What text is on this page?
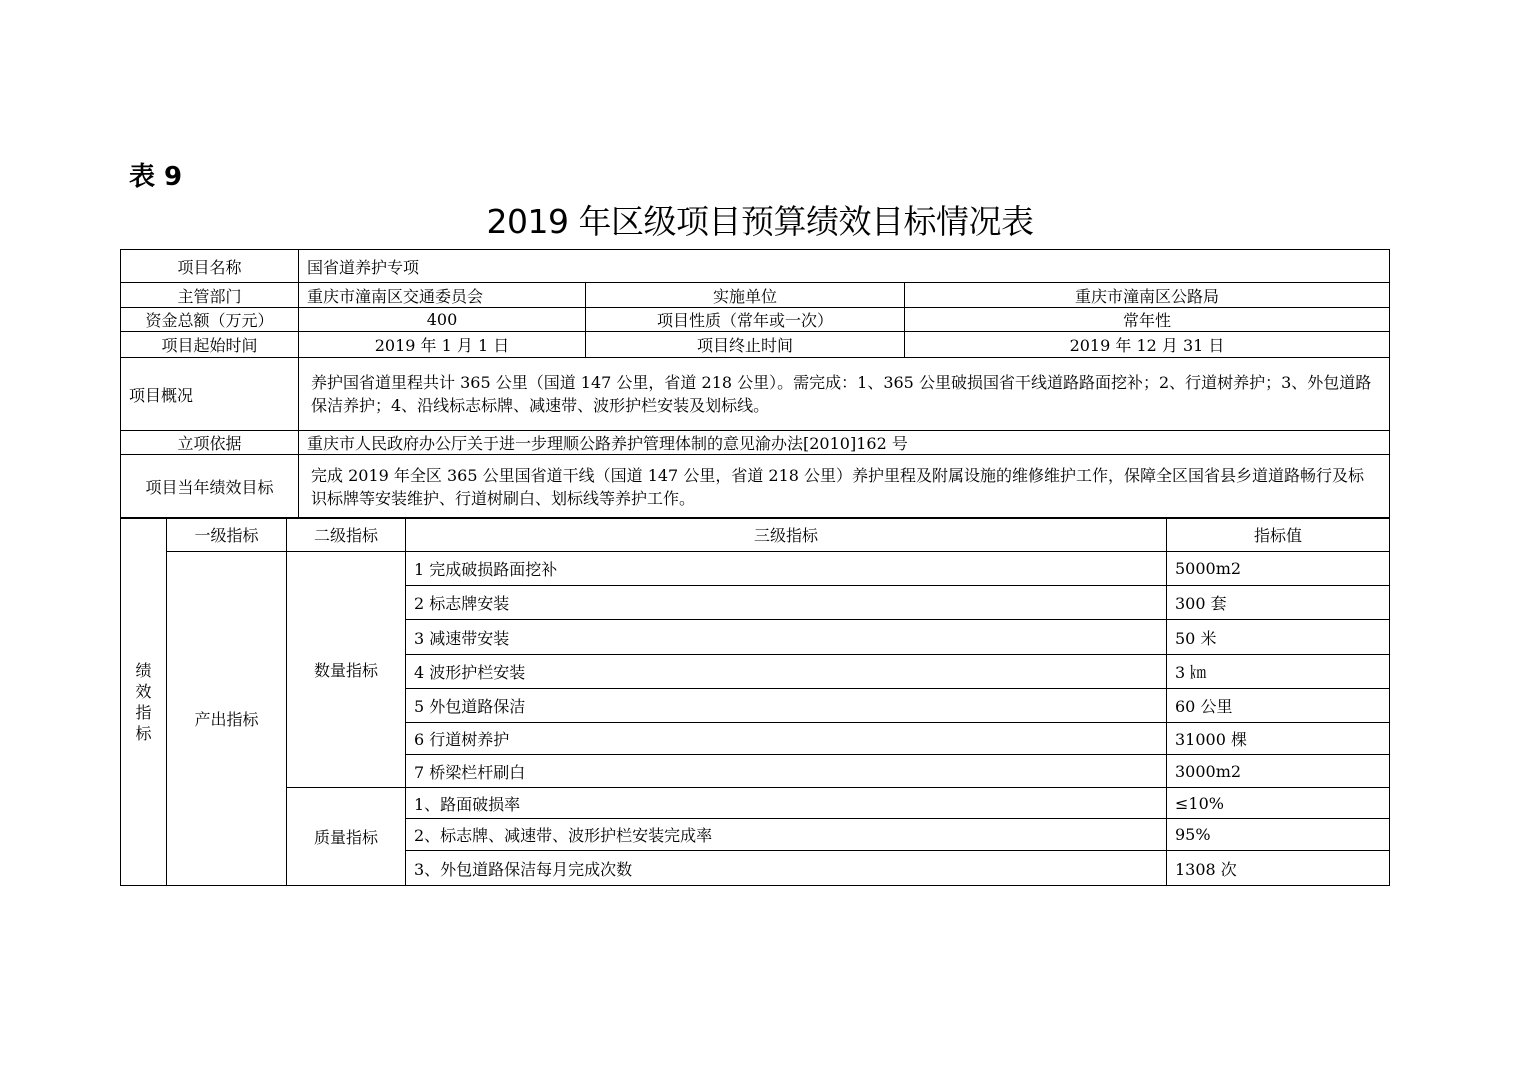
表 9
2019 年区级项目预算绩效目标情况表
项目名称	国省道养护专项		
主管部门	重庆市潼南区交通委员会	实施单位	重庆市潼南区公路局
资金总额（万元）	400	项目性质（常年或一次）	常年性
项目起始时间	2019 年 1 月 1 日	项目终止时间	2019 年 12 月 31 日
项目概况	养护国省道里程共计 365 公里（国道 147 公里，省道 218 公里）。需完成：1、365 公里破损国省干线道路路面挖补；2、行道树养护；3、外包道路保洁养护；4、沿线标志标牌、减速带、波形护栏安装及划标线。		
立项依据	重庆市人民政府办公厅关于进一步理顺公路养护管理体制的意见渝办法[2010]162 号		
项目当年绩效目标	完成 2019 年全区 365 公里国省道干线（国道 147 公里，省道 218 公里）养护里程及附属设施的维修维护工作，保障全区国省县乡道道路畅行及标识标牌等安装维护、行道树刷白、划标线等养护工作。		
绩
效
指
标	一级指标	二级指标	三级指标	指标值
	产出指标	数量指标	1 完成破损路面挖补	5000m2
			2 标志牌安装	300 套
			3 减速带安装	50 米
			4 波形护栏安装	3 ㎞
			5 外包道路保洁	60 公里
			6 行道树养护	31000 棵
			7 桥梁栏杆刷白	3000m2
		质量指标	1、路面破损率	≤10%
			2、标志牌、减速带、波形护栏安装完成率	95%
			3、外包道路保洁每月完成次数	1308 次
